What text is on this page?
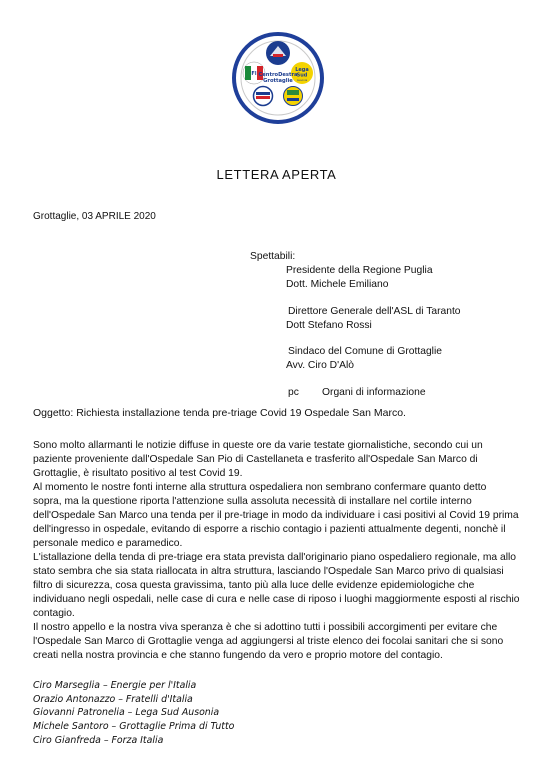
Fl
Lega
Sud
Ausonia
CentroDestra
Grottaglie
LETTERA APERTA
Grottaglie, 03 APRILE 2020
Spettabili:
Presidente della Regione Puglia
Dott. Michele Emiliano
Direttore Generale dell'ASL di Taranto
Dott Stefano Rossi
Sindaco del Comune di Grottaglie
Avv. Ciro D'Alò
pc Organi di informazione
Oggetto: Richiesta installazione tenda pre-triage Covid 19 Ospedale San Marco.
Sono molto allarmanti le notizie diffuse in queste ore da varie testate giornalistiche, secondo cui un
paziente proveniente dall'Ospedale San Pio di Castellaneta e trasferito all'Ospedale San Marco di
Grottaglie, è risultato positivo al test Covid 19.
Al momento le nostre fonti interne alla struttura ospedaliera non sembrano confermare quanto detto
sopra, ma la questione riporta l'attenzione sulla assoluta necessità di installare nel cortile interno
dell'Ospedale San Marco una tenda per il pre-triage in modo da individuare i casi positivi al Covid 19 prima
dell'ingresso in ospedale, evitando di esporre a rischio contagio i pazienti attualmente degenti, nonchè il
personale medico e paramedico.
L'istallazione della tenda di pre-triage era stata prevista dall'originario piano ospedaliero regionale, ma allo
stato sembra che sia stata riallocata in altra struttura, lasciando l'Ospedale San Marco privo di qualsiasi
filtro di sicurezza, cosa questa gravissima, tanto più alla luce delle evidenze epidemiologiche che
individuano negli ospedali, nelle case di cura e nelle case di riposo i luoghi maggiormente esposti al rischio
contagio.
Il nostro appello e la nostra viva speranza è che si adottino tutti i possibili accorgimenti per evitare che
l'Ospedale San Marco di Grottaglie venga ad aggiungersi al triste elenco dei focolai sanitari che si sono
creati nella nostra provincia e che stanno fungendo da vero e proprio motore del contagio.
Ciro Marseglia – Energie per l'Italia
Orazio Antonazzo – Fratelli d'Italia
Giovanni Patronelia – Lega Sud Ausonia
Michele Santoro – Grottaglie Prima di Tutto
Ciro Gianfreda – Forza Italia
